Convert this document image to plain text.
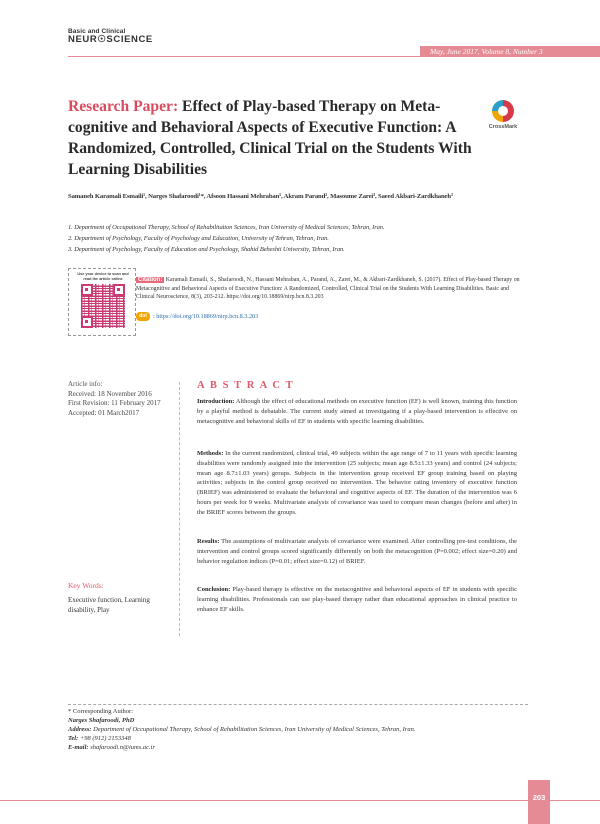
Basic and Clinical
NEUR☉SCIENCE
May, June 2017, Volume 8, Number 3
Research Paper: Effect of Play-based Therapy on Meta-cognitive and Behavioral Aspects of Executive Function: A Randomized, Controlled, Clinical Trial on the Students With Learning Disabilities
CrossMark
Samaneh Karamali Esmaili¹, Narges Shafaroodi¹*, Afsoon Hassani Mehraban¹, Akram Parand², Masoume Zarei³, Saeed Akbari-Zardkhaneh³
1. Department of Occupational Therapy, School of Rehabilitation Sciences, Iran University of Medical Sciences, Tehran, Iran.
2. Department of Psychology, Faculty of Psychology and Education, University of Tehran, Tehran, Iran.
3. Department of Psychology, Faculty of Education and Psychology, Shahid Beheshti University, Tehran, Iran.
Use your device to scan and read the article online	Citation: Karamali Esmaili, S., Shafaroodi, N., Hassani Mehraban, A., Parand, A., Zarei, M., & Akbari-Zardkhaneh, S. (2017). Effect of Play-based Therapy on Metacognitive and Behavioral Aspects of Executive Function: A Randomized, Controlled, Clinical Trial on the Students With Learning Disabilities. Basic and Clinical Neuroscience, 8(3), 203-212. https://doi.org/10.18869/nirp.bcn.8.3.203
doi	: https://doi.org/10.18869/nirp.bcn.8.3.203
Article info:
Received: 18 November 2016
First Revision: 11 February 2017
Accepted: 01 March2017
Key Words:
Executive function, Learning disability, Play
A B S T R A C T
Introduction: Although the effect of educational methods on executive function (EF) is well known, training this function by a playful method is debatable. The current study aimed at investigating if a play-based intervention is effective on metacognitive and behavioral skills of EF in students with specific learning disabilities.
Methods: In the current randomized, clinical trial, 49 subjects within the age range of 7 to 11 years with specific learning disabilities were randomly assigned into the intervention (25 subjects; mean age 8.5±1.33 years) and control (24 subjects; mean age 8.7±1.03 years) groups. Subjects in the intervention group received EF group training based on playing activities; subjects in the control group received no intervention. The behavior rating inventory of executive function (BRIEF) was administered to evaluate the behavioral and cognitive aspects of EF. The duration of the intervention was 6 hours per week for 9 weeks. Multivariate analysis of covariance was used to compare mean changes (before and after) in the BRIEF scores between the groups.
Results: The assumptions of multivariate analysis of covariance were examined. After controlling pre-test conditions, the intervention and control groups scored significantly differently on both the metacognition (P=0.002; effect size=0.20) and behavior regulation indices (P=0.01; effect size=0.12) of BRIEF.
Conclusion: Play-based therapy is effective on the metacognitive and behavioral aspects of EF in students with specific learning disabilities. Professionals can use play-based therapy rather than educational approaches in clinical practice to enhance EF skills.
* Corresponding Author:
Narges Shafaroodi, PhD
Address: Department of Occupational Therapy, School of Rehabilitation Sciences, Iran University of Medical Sciences, Tehran, Iran.
Tel: +98 (912) 2153348
E-mail: shafaroodi.n@iums.ac.ir
203
